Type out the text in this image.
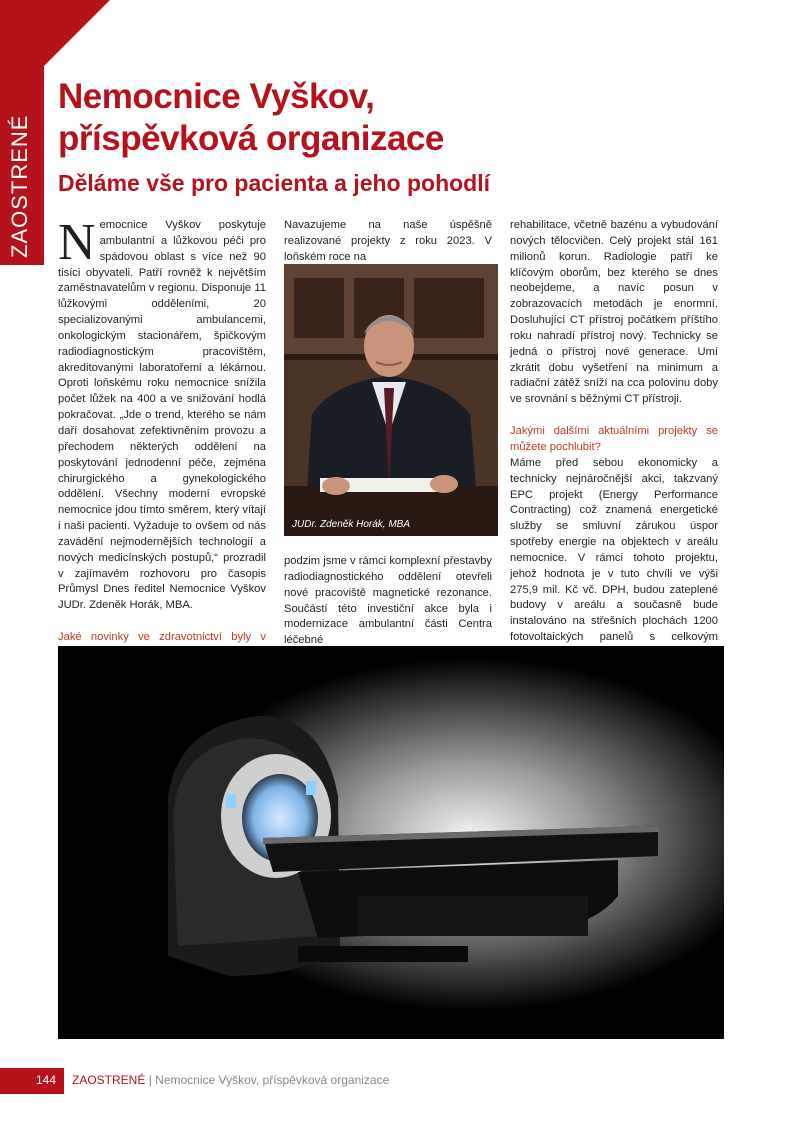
ZAOSTRENÉ
Nemocnice Vyškov,
příspěvková organizace
Děláme vše pro pacienta a jeho pohodlí

Nemocnice Vyškov poskytuje ambulantní a lůžkovou péči pro spádovou oblast s více než 90 tisíci obyvateli. Patří rovněž k největším zaměstnavatelům v regionu. Disponuje 11 lůžkovými odděleními, 20 specializovanými ambulancemi, onkologickým stacionářem, špičkovým radiodiagnostickým pracovištěm, akreditovanými laboratořemi a lékárnou. Oproti loňskému roku nemocnice snížila počet lůžek na 400 a ve snižování hodlá pokračovat. „Jde o trend, kterého se nám daří dosahovat zefektivněním provozu a přechodem některých oddělení na poskytování jednodenní péče, zejména chirurgického a gynekologického oddělení. Všechny moderní evropské nemocnice jdou tímto směrem, který vítají i naši pacienti. Vyžaduje to ovšem od nás zavádění nejmodernějších technologií a nových medicínských postupů,“ prozradil v zajímavém rozhovoru pro časopis Průmysl Dnes ředitel Nemocnice Vyškov JUDr. Zdeněk Horák, MBA.

Jaké novinky ve zdravotnictví byly v

Navazujeme na naše úspěšně realizované projekty z roku 2023. V loňském roce na

JUDr. Zdeněk Horák, MBA

podzim jsme v rámci komplexní přestavby radiodiagnostického oddělení otevřeli nové pracoviště magnetické rezonance. Součástí této investiční akce byla i modernizace ambulantní části Centra léčebné

rehabilitace, včetně bazénu a vybudování nových tělocvičen. Celý projekt stál 161 milionů korun. Radiologie patří ke klíčovým oborům, bez kterého se dnes neobejdeme, a navíc posun v zobrazovacích metodách je enormní. Dosluhující CT přístroj počátkem příštího roku nahradí přístroj nový. Technicky se jedná o přístroj nové generace. Umí zkrátit dobu vyšetření na minimum a radiační zátěž sníží na cca polovinu doby ve srovnání s běžnými CT přístroji.

Jakými dalšími aktuálními projekty se můžete pochlubit?

Máme před sebou ekonomicky a technicky nejnáročnější akci, takzvaný EPC projekt (Energy Performance Contracting) což znamená energetické služby se smluvní zárukou úspor spotřeby energie na objektech v areálu nemocnice. V rámci tohoto projektu, jehož hodnota je v tuto chvíli ve výši 275,9 mil. Kč vč. DPH, budou zateplené budovy v areálu a současně bude instalováno na střešních plochách 1200 fotovoltaických panelů s celkovým

144 ZAOSTRENÉ | Nemocnice Vyškov, příspěvková organizace
